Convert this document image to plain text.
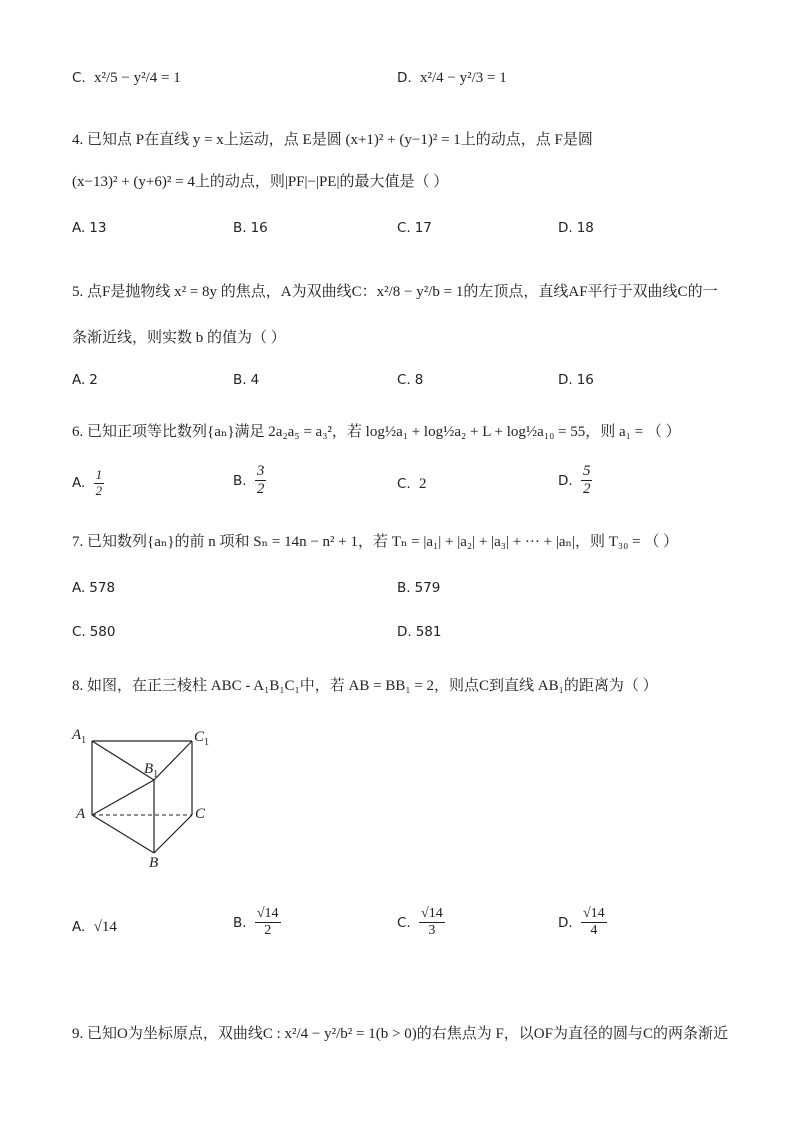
C. x²/5 − y²/4 = 1	D. x²/4 − y²/3 = 1
4. 已知点 P在直线 y = x上运动，点 E是圆 (x+1)² + (y−1)² = 1上的动点，点 F是圆
(x−13)² + (y+6)² = 4上的动点，则|PF|−|PE|的最大值是（ ）
A. 13	B. 16	C. 17	D. 18
5. 点F是抛物线 x² = 8y 的焦点，A为双曲线C：x²/8 − y²/b = 1的左顶点，直线AF平行于双曲线C的一
条渐近线，则实数 b 的值为（ ）
A. 2	B. 4	C. 8	D. 16
6. 已知正项等比数列{aₙ}满足 2a₂a₅ = a₃²，若 log½a₁ + log½a₂ + L + log½a₁₀ = 55，则 a₁ = （ ）
A. $\frac{1}{2}$	B. $\frac{3}{2}$	C. 2	D. $\frac{5}{2}$
7. 已知数列{aₙ}的前 n 项和 Sₙ = 14n − n² + 1，若 Tₙ = |a₁| + |a₂| + |a₃| + ··· + |aₙ|，则 T₃₀ = （ ）
A. 578	B. 579
C. 580	D. 581
8. 如图，在正三棱柱 ABC - A₁B₁C₁中，若 AB = BB₁ = 2，则点C到直线 AB₁的距离为（ ）
$A_1$	$C_1$
$B_1$
A	C
B
A. √14	B. $\frac{√14}{2}$	C. $\frac{√14}{3}$	D. $\frac{√14}{4}$
9. 已知O为坐标原点，双曲线C : x²/4 − y²/b² = 1(b > 0)的右焦点为 F，以OF为直径的圆与C的两条渐近
